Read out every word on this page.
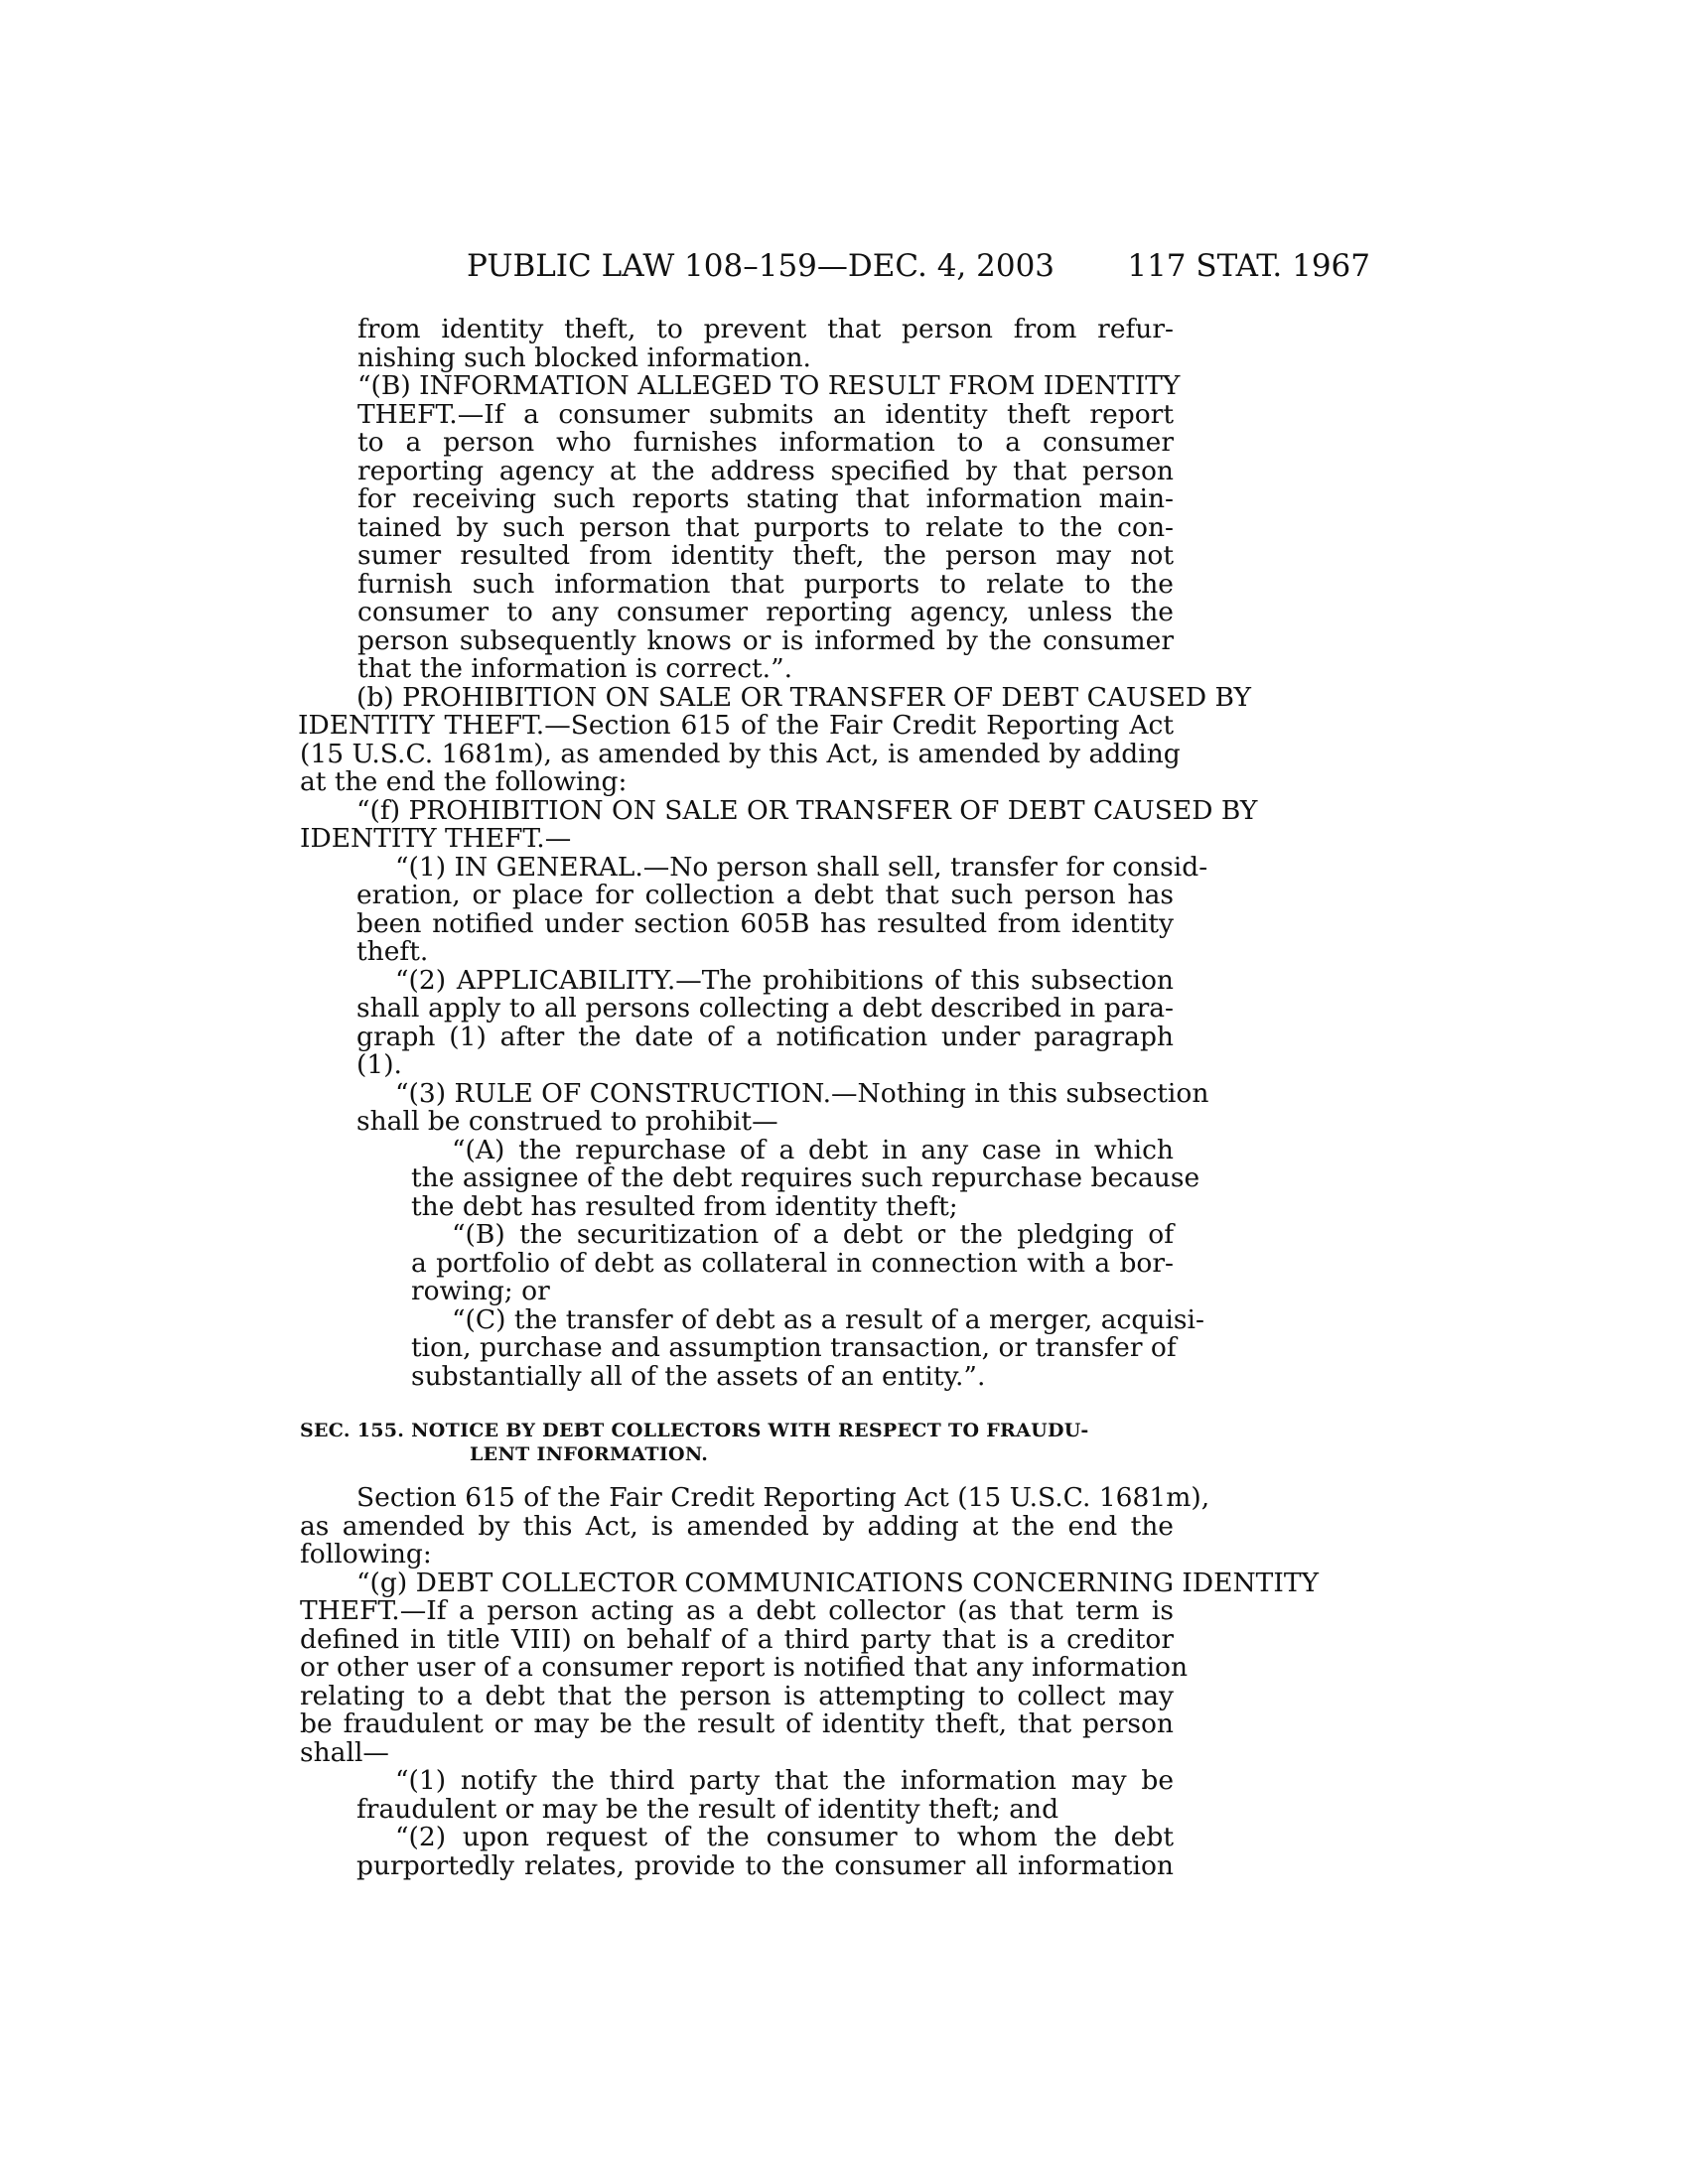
PUBLIC LAW 108–159—DEC. 4, 2003 117 STAT. 1967
from identity theft, to prevent that person from refur-
nishing such blocked information.
“(B) INFORMATION ALLEGED TO RESULT FROM IDENTITY
THEFT.—If a consumer submits an identity theft report
to a person who furnishes information to a consumer
reporting agency at the address specified by that person
for receiving such reports stating that information main-
tained by such person that purports to relate to the con-
sumer resulted from identity theft, the person may not
furnish such information that purports to relate to the
consumer to any consumer reporting agency, unless the
person subsequently knows or is informed by the consumer
that the information is correct.”.
(b) PROHIBITION ON SALE OR TRANSFER OF DEBT CAUSED BY
IDENTITY THEFT.—Section 615 of the Fair Credit Reporting Act
(15 U.S.C. 1681m), as amended by this Act, is amended by adding
at the end the following:
“(f) PROHIBITION ON SALE OR TRANSFER OF DEBT CAUSED BY
IDENTITY THEFT.—
“(1) IN GENERAL.—No person shall sell, transfer for consid-
eration, or place for collection a debt that such person has
been notified under section 605B has resulted from identity
theft.
“(2) APPLICABILITY.—The prohibitions of this subsection
shall apply to all persons collecting a debt described in para-
graph (1) after the date of a notification under paragraph
(1).
“(3) RULE OF CONSTRUCTION.—Nothing in this subsection
shall be construed to prohibit—
“(A) the repurchase of a debt in any case in which
the assignee of the debt requires such repurchase because
the debt has resulted from identity theft;
“(B) the securitization of a debt or the pledging of
a portfolio of debt as collateral in connection with a bor-
rowing; or
“(C) the transfer of debt as a result of a merger, acquisi-
tion, purchase and assumption transaction, or transfer of
substantially all of the assets of an entity.”.
SEC. 155. NOTICE BY DEBT COLLECTORS WITH RESPECT TO FRAUDU-
LENT INFORMATION.
Section 615 of the Fair Credit Reporting Act (15 U.S.C. 1681m),
as amended by this Act, is amended by adding at the end the
following:
“(g) DEBT COLLECTOR COMMUNICATIONS CONCERNING IDENTITY
THEFT.—If a person acting as a debt collector (as that term is
defined in title VIII) on behalf of a third party that is a creditor
or other user of a consumer report is notified that any information
relating to a debt that the person is attempting to collect may
be fraudulent or may be the result of identity theft, that person
shall—
“(1) notify the third party that the information may be
fraudulent or may be the result of identity theft; and
“(2) upon request of the consumer to whom the debt
purportedly relates, provide to the consumer all information
